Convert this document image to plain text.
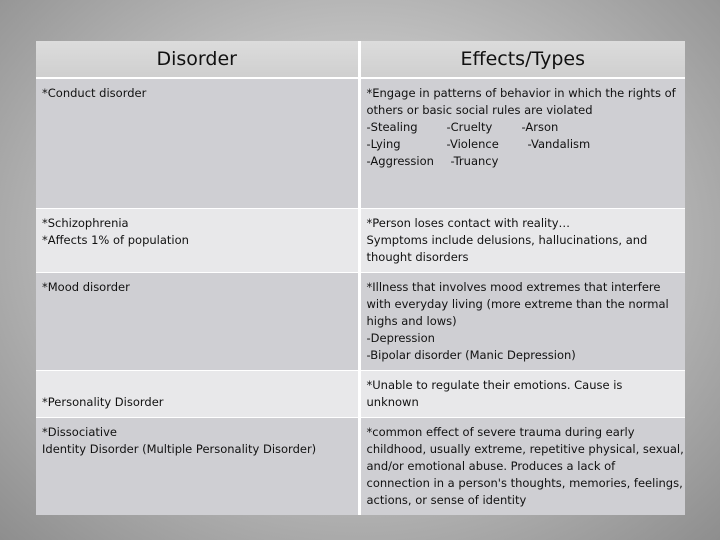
Disorder	Effects/Types

*Conduct disorder	*Engage in patterns of behavior in which the rights of
others or basic social rules are violated
-Stealing -Cruelty -Arson
-Lying -Violence -Vandalism
-Aggression -Truancy

*Schizophrenia
*Affects 1% of population	*Person loses contact with reality…
Symptoms include delusions, hallucinations, and
thought disorders

*Mood disorder	*Illness that involves mood extremes that interfere
with everyday living (more extreme than the normal
highs and lows)
-Depression
-Bipolar disorder (Manic Depression)

*Personality Disorder	*Unable to regulate their emotions. Cause is
unknown

*Dissociative
Identity Disorder (Multiple Personality Disorder)	*common effect of severe trauma during early
childhood, usually extreme, repetitive physical, sexual,
and/or emotional abuse. Produces a lack of
connection in a person's thoughts, memories, feelings,
actions, or sense of identity
